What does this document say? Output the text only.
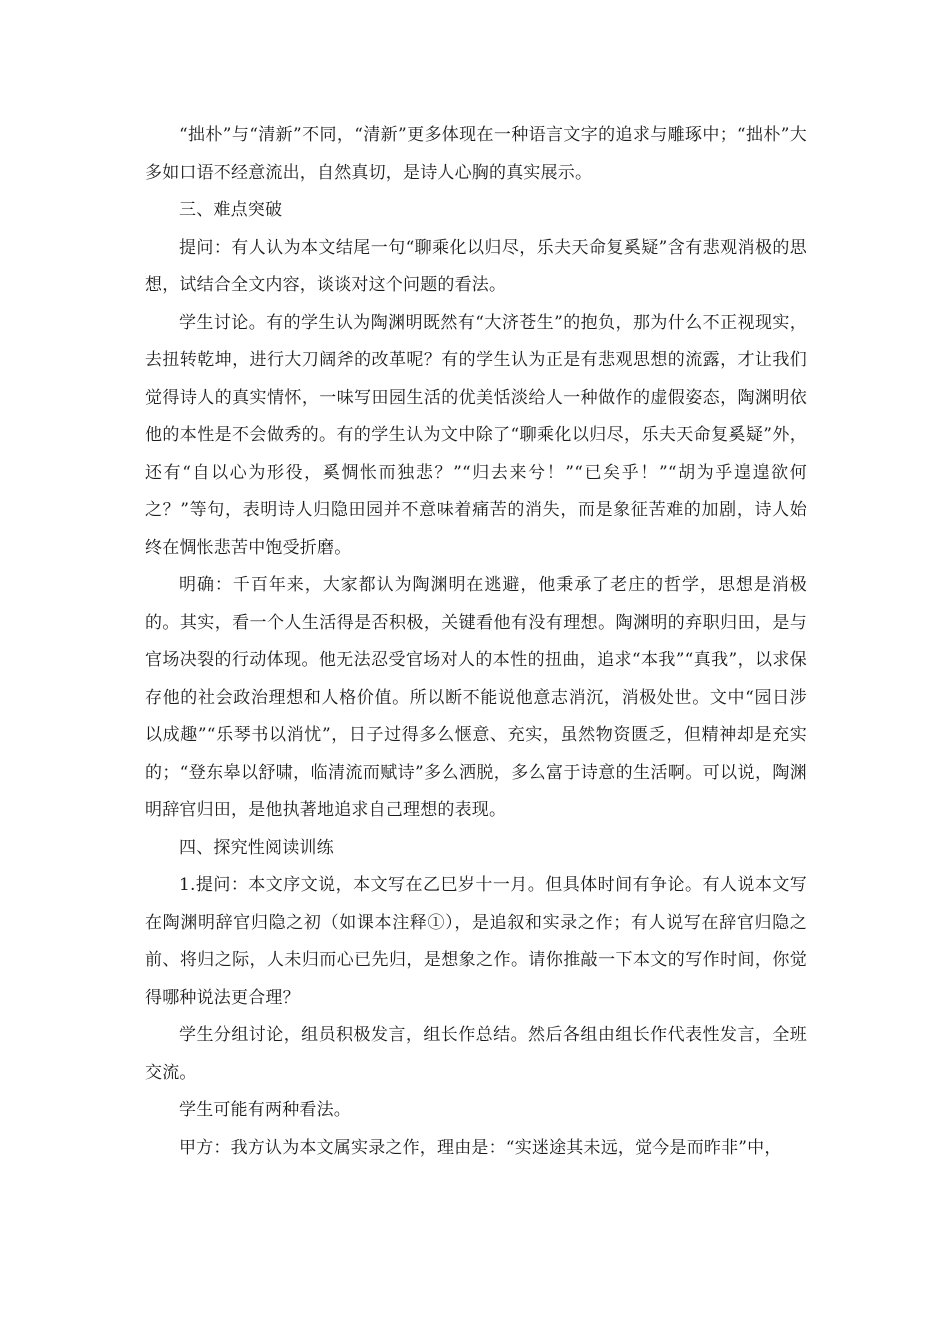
“拙朴”与“清新”不同，“清新”更多体现在一种语言文字的追求与雕琢中；“拙朴”大多如口语不经意流出，自然真切，是诗人心胸的真实展示。

三、难点突破

提问：有人认为本文结尾一句“聊乘化以归尽，乐夫天命复奚疑”含有悲观消极的思想，试结合全文内容，谈谈对这个问题的看法。

学生讨论。有的学生认为陶渊明既然有“大济苍生”的抱负，那为什么不正视现实，去扭转乾坤，进行大刀阔斧的改革呢？有的学生认为正是有悲观思想的流露，才让我们觉得诗人的真实情怀，一味写田园生活的优美恬淡给人一种做作的虚假姿态，陶渊明依他的本性是不会做秀的。有的学生认为文中除了“聊乘化以归尽，乐夫天命复奚疑”外，还有“自以心为形役，奚惆怅而独悲？”“归去来兮！”“已矣乎！”“胡为乎遑遑欲何之？”等句，表明诗人归隐田园并不意味着痛苦的消失，而是象征苦难的加剧，诗人始终在惆怅悲苦中饱受折磨。

明确：千百年来，大家都认为陶渊明在逃避，他秉承了老庄的哲学，思想是消极的。其实，看一个人生活得是否积极，关键看他有没有理想。陶渊明的弃职归田，是与官场决裂的行动体现。他无法忍受官场对人的本性的扭曲，追求“本我”“真我”，以求保存他的社会政治理想和人格价值。所以断不能说他意志消沉，消极处世。文中“园日涉以成趣”“乐琴书以消忧”，日子过得多么惬意、充实，虽然物资匮乏，但精神却是充实的；“登东皋以舒啸，临清流而赋诗”多么洒脱，多么富于诗意的生活啊。可以说，陶渊明辞官归田，是他执著地追求自己理想的表现。

四、探究性阅读训练

1.提问：本文序文说，本文写在乙巳岁十一月。但具体时间有争论。有人说本文写在陶渊明辞官归隐之初（如课本注释①），是追叙和实录之作；有人说写在辞官归隐之前、将归之际，人未归而心已先归，是想象之作。请你推敲一下本文的写作时间，你觉得哪种说法更合理？

学生分组讨论，组员积极发言，组长作总结。然后各组由组长作代表性发言，全班交流。

学生可能有两种看法。

甲方：我方认为本文属实录之作，理由是：“实迷途其未远，觉今是而昨非”中，
